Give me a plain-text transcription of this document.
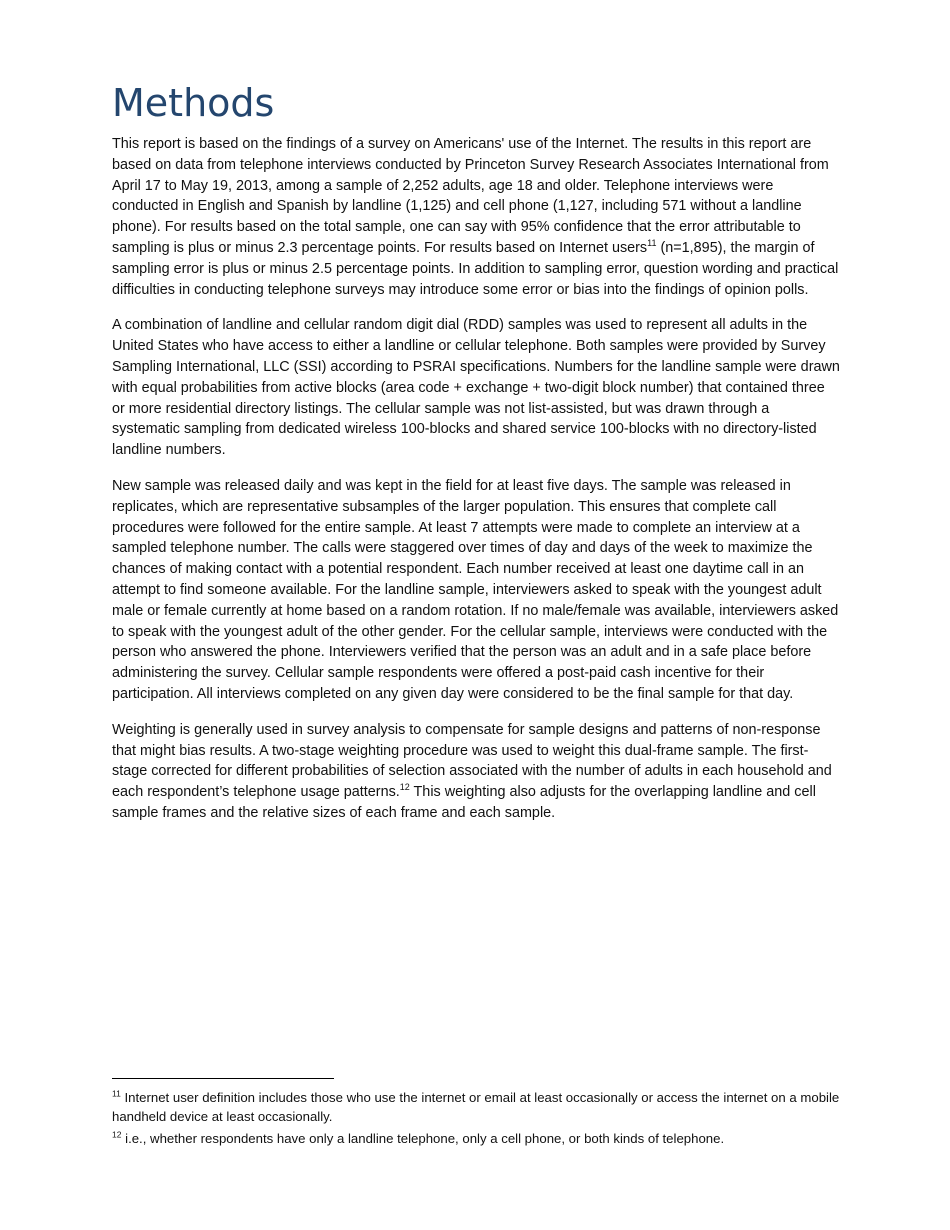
Methods

This report is based on the findings of a survey on Americans' use of the Internet. The results in this report are based on data from telephone interviews conducted by Princeton Survey Research Associates International from April 17 to May 19, 2013, among a sample of 2,252 adults, age 18 and older. Telephone interviews were conducted in English and Spanish by landline (1,125) and cell phone (1,127, including 571 without a landline phone). For results based on the total sample, one can say with 95% confidence that the error attributable to sampling is plus or minus 2.3 percentage points. For results based on Internet users$^{11}$ (n=1,895), the margin of sampling error is plus or minus 2.5 percentage points. In addition to sampling error, question wording and practical difficulties in conducting telephone surveys may introduce some error or bias into the findings of opinion polls.

A combination of landline and cellular random digit dial (RDD) samples was used to represent all adults in the United States who have access to either a landline or cellular telephone. Both samples were provided by Survey Sampling International, LLC (SSI) according to PSRAI specifications. Numbers for the landline sample were drawn with equal probabilities from active blocks (area code + exchange + two-digit block number) that contained three or more residential directory listings. The cellular sample was not list-assisted, but was drawn through a systematic sampling from dedicated wireless 100-blocks and shared service 100-blocks with no directory-listed landline numbers.

New sample was released daily and was kept in the field for at least five days. The sample was released in replicates, which are representative subsamples of the larger population. This ensures that complete call procedures were followed for the entire sample. At least 7 attempts were made to complete an interview at a sampled telephone number. The calls were staggered over times of day and days of the week to maximize the chances of making contact with a potential respondent. Each number received at least one daytime call in an attempt to find someone available. For the landline sample, interviewers asked to speak with the youngest adult male or female currently at home based on a random rotation. If no male/female was available, interviewers asked to speak with the youngest adult of the other gender. For the cellular sample, interviews were conducted with the person who answered the phone. Interviewers verified that the person was an adult and in a safe place before administering the survey. Cellular sample respondents were offered a post-paid cash incentive for their participation. All interviews completed on any given day were considered to be the final sample for that day.

Weighting is generally used in survey analysis to compensate for sample designs and patterns of non-response that might bias results. A two-stage weighting procedure was used to weight this dual-frame sample. The first-stage corrected for different probabilities of selection associated with the number of adults in each household and each respondent’s telephone usage patterns.$^{12}$ This weighting also adjusts for the overlapping landline and cell sample frames and the relative sizes of each frame and each sample.

$^{11}$ Internet user definition includes those who use the internet or email at least occasionally or access the internet on a mobile handheld device at least occasionally.

$^{12}$ i.e., whether respondents have only a landline telephone, only a cell phone, or both kinds of telephone.
